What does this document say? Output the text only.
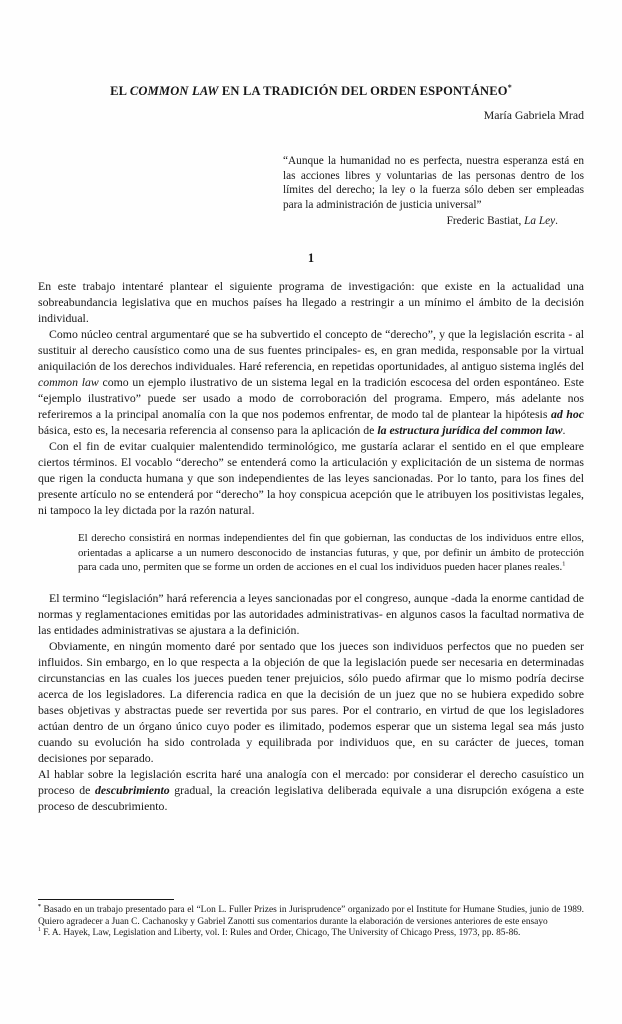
EL COMMON LAW EN LA TRADICIÓN DEL ORDEN ESPONTÁNEO*
María Gabriela Mrad
“Aunque la humanidad no es perfecta, nuestra esperanza está en las acciones libres y voluntarias de las personas dentro de los límites del derecho; la ley o la fuerza sólo deben ser empleadas para la administración de justicia universal”
Frederic Bastiat, La Ley.
1

En este trabajo intentaré plantear el siguiente programa de investigación: que existe en la actualidad una sobreabundancia legislativa que en muchos países ha llegado a restringir a un mínimo el ámbito de la decisión individual.

Como núcleo central argumentaré que se ha subvertido el concepto de “derecho”, y que la legislación escrita - al sustituir al derecho causístico como una de sus fuentes principales- es, en gran medida, responsable por la virtual aniquilación de los derechos individuales. Haré referencia, en repetidas oportunidades, al antiguo sistema inglés del common law como un ejemplo ilustrativo de un sistema legal en la tradición escocesa del orden espontáneo. Este “ejemplo ilustrativo” puede ser usado a modo de corroboración del programa. Empero, más adelante nos referiremos a la principal anomalía con la que nos podemos enfrentar, de modo tal de plantear la hipótesis ad hoc básica, esto es, la necesaria referencia al consenso para la aplicación de la estructura jurídica del common law.

Con el fin de evitar cualquier malentendido terminológico, me gustaría aclarar el sentido en el que empleare ciertos términos. El vocablo “derecho” se entenderá como la articulación y explicitación de un sistema de normas que rigen la conducta humana y que son independientes de las leyes sancionadas. Por lo tanto, para los fines del presente artículo no se entenderá por “derecho” la hoy conspicua acepción que le atribuyen los positivistas legales, ni tampoco la ley dictada por la razón natural.

El derecho consistirá en normas independientes del fin que gobiernan, las conductas de los individuos entre ellos, orientadas a aplicarse a un numero desconocido de instancias futuras, y que, por definir un ámbito de protección para cada uno, permiten que se forme un orden de acciones en el cual los individuos pueden hacer planes reales.$^1$

El termino “legislación” hará referencia a leyes sancionadas por el congreso, aunque -dada la enorme cantidad de normas y reglamentaciones emitidas por las autoridades administrativas- en algunos casos la facultad normativa de las entidades administrativas se ajustara a la definición.

Obviamente, en ningún momento daré por sentado que los jueces son individuos perfectos que no pueden ser influidos. Sin embargo, en lo que respecta a la objeción de que la legislación puede ser necesaria en determinadas circunstancias en las cuales los jueces pueden tener prejuicios, sólo puedo afirmar que lo mismo podría decirse acerca de los legisladores. La diferencia radica en que la decisión de un juez que no se hubiera expedido sobre bases objetivas y abstractas puede ser revertida por sus pares. Por el contrario, en virtud de que los legisladores actúan dentro de un órgano único cuyo poder es ilimitado, podemos esperar que un sistema legal sea más justo cuando su evolución ha sido controlada y equilibrada por individuos que, en su carácter de jueces, toman decisiones por separado.

Al hablar sobre la legislación escrita haré una analogía con el mercado: por considerar el derecho casuístico un proceso de descubrimiento gradual, la creación legislativa deliberada equivale a una disrupción exógena a este proceso de descubrimiento.

* Basado en un trabajo presentado para el “Lon L. Fuller Prizes in Jurisprudence” organizado por el Institute for Humane Studies, junio de 1989. Quiero agradecer a Juan C. Cachanosky y Gabriel Zanotti sus comentarios durante la elaboración de versiones anteriores de este ensayo

$^1$ F. A. Hayek, Law, Legislation and Liberty, vol. I: Rules and Order, Chicago, The University of Chicago Press, 1973, pp. 85-86.
